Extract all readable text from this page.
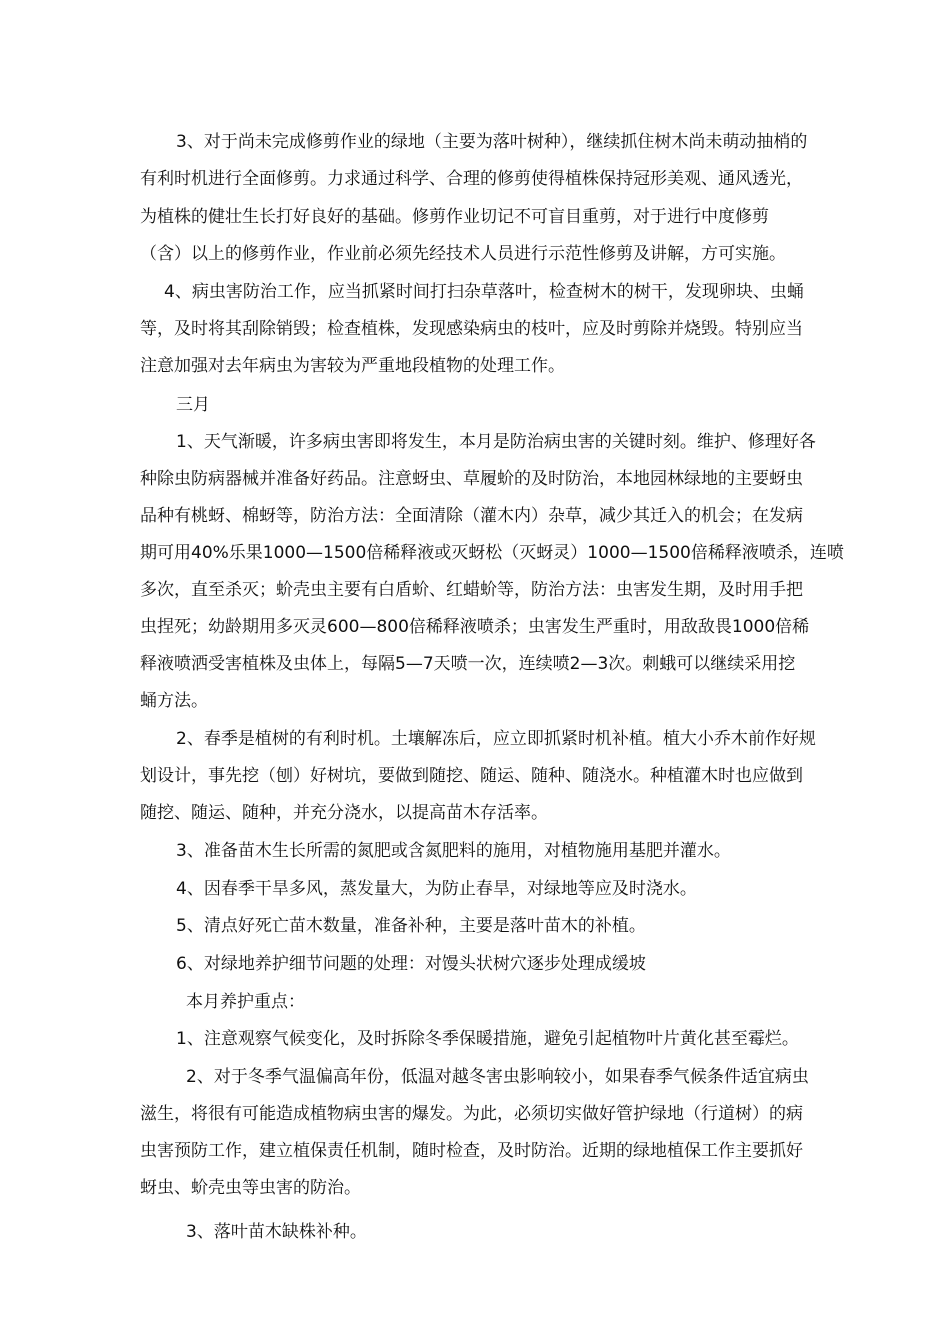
3、对于尚未完成修剪作业的绿地（主要为落叶树种），继续抓住树木尚未萌动抽梢的

有利时机进行全面修剪。力求通过科学、合理的修剪使得植株保持冠形美观、通风透光，

为植株的健壮生长打好良好的基础。修剪作业切记不可盲目重剪，对于进行中度修剪

（含）以上的修剪作业，作业前必须先经技术人员进行示范性修剪及讲解，方可实施。

4、病虫害防治工作，应当抓紧时间打扫杂草落叶，检查树木的树干，发现卵块、虫蛹

等，及时将其刮除销毁；检查植株，发现感染病虫的枝叶，应及时剪除并烧毁。特别应当

注意加强对去年病虫为害较为严重地段植物的处理工作。

三月

1、天气渐暖，许多病虫害即将发生，本月是防治病虫害的关键时刻。维护、修理好各

种除虫防病器械并准备好药品。注意蚜虫、草履蚧的及时防治，本地园林绿地的主要蚜虫

品种有桃蚜、棉蚜等，防治方法：全面清除（灌木内）杂草，减少其迁入的机会；在发病

期可用40%乐果1000—1500倍稀释液或灭蚜松（灭蚜灵）1000—1500倍稀释液喷杀，连喷

多次，直至杀灭；蚧壳虫主要有白盾蚧、红蜡蚧等，防治方法：虫害发生期，及时用手把

虫捏死；幼龄期用多灭灵600—800倍稀释液喷杀；虫害发生严重时，用敌敌畏1000倍稀

释液喷洒受害植株及虫体上，每隔5—7天喷一次，连续喷2—3次。刺蛾可以继续采用挖

蛹方法。

2、春季是植树的有利时机。土壤解冻后，应立即抓紧时机补植。植大小乔木前作好规

划设计，事先挖（刨）好树坑，要做到随挖、随运、随种、随浇水。种植灌木时也应做到

随挖、随运、随种，并充分浇水，以提高苗木存活率。

3、准备苗木生长所需的氮肥或含氮肥料的施用，对植物施用基肥并灌水。

4、因春季干旱多风，蒸发量大，为防止春旱，对绿地等应及时浇水。

5、清点好死亡苗木数量，准备补种，主要是落叶苗木的补植。

6、对绿地养护细节问题的处理：对馒头状树穴逐步处理成缓坡

本月养护重点：

1、注意观察气候变化，及时拆除冬季保暖措施，避免引起植物叶片黄化甚至霉烂。

2、对于冬季气温偏高年份，低温对越冬害虫影响较小，如果春季气候条件适宜病虫

滋生，将很有可能造成植物病虫害的爆发。为此，必须切实做好管护绿地（行道树）的病

虫害预防工作，建立植保责任机制，随时检查，及时防治。近期的绿地植保工作主要抓好

蚜虫、蚧壳虫等虫害的防治。

3、落叶苗木缺株补种。
